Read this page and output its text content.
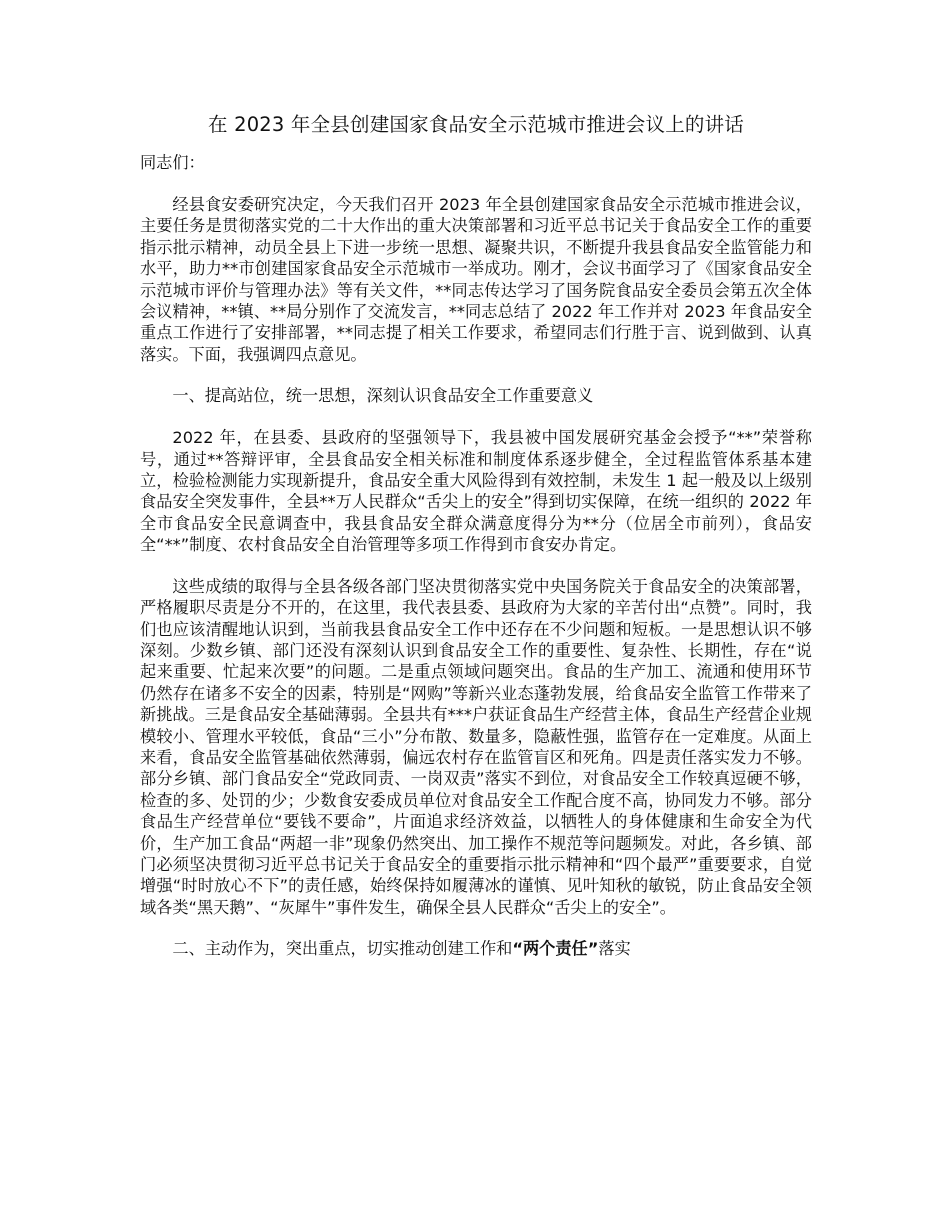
在 2023 年全县创建国家食品安全示范城市推进会议上的讲话
同志们：

经县食安委研究决定，今天我们召开 2023 年全县创建国家食品安全示范城市推进会议，主要任务是贯彻落实党的二十大作出的重大决策部署和习近平总书记关于食品安全工作的重要指示批示精神，动员全县上下进一步统一思想、凝聚共识，不断提升我县食品安全监管能力和水平，助力**市创建国家食品安全示范城市一举成功。刚才，会议书面学习了《国家食品安全示范城市评价与管理办法》等有关文件，**同志传达学习了国务院食品安全委员会第五次全体会议精神，**镇、**局分别作了交流发言，**同志总结了 2022 年工作并对 2023 年食品安全重点工作进行了安排部署，**同志提了相关工作要求，希望同志们行胜于言、说到做到、认真落实。下面，我强调四点意见。

一、提高站位，统一思想，深刻认识食品安全工作重要意义

2022 年，在县委、县政府的坚强领导下，我县被中国发展研究基金会授予“**”荣誉称号，通过**答辩评审，全县食品安全相关标准和制度体系逐步健全，全过程监管体系基本建立，检验检测能力实现新提升，食品安全重大风险得到有效控制，未发生 1 起一般及以上级别食品安全突发事件，全县**万人民群众“舌尖上的安全”得到切实保障，在统一组织的 2022 年全市食品安全民意调查中，我县食品安全群众满意度得分为**分（位居全市前列），食品安全“**”制度、农村食品安全自治管理等多项工作得到市食安办肯定。

这些成绩的取得与全县各级各部门坚决贯彻落实党中央国务院关于食品安全的决策部署，严格履职尽责是分不开的，在这里，我代表县委、县政府为大家的辛苦付出“点赞”。同时，我们也应该清醒地认识到，当前我县食品安全工作中还存在不少问题和短板。一是思想认识不够深刻。少数乡镇、部门还没有深刻认识到食品安全工作的重要性、复杂性、长期性，存在“说起来重要、忙起来次要”的问题。二是重点领域问题突出。食品的生产加工、流通和使用环节仍然存在诸多不安全的因素，特别是“网购”等新兴业态蓬勃发展，给食品安全监管工作带来了新挑战。三是食品安全基础薄弱。全县共有***户获证食品生产经营主体，食品生产经营企业规模较小、管理水平较低，食品“三小”分布散、数量多，隐蔽性强，监管存在一定难度。从面上来看，食品安全监管基础依然薄弱，偏远农村存在监管盲区和死角。四是责任落实发力不够。部分乡镇、部门食品安全“党政同责、一岗双责”落实不到位，对食品安全工作较真逗硬不够，检查的多、处罚的少；少数食安委成员单位对食品安全工作配合度不高，协同发力不够。部分食品生产经营单位“要钱不要命”，片面追求经济效益，以牺牲人的身体健康和生命安全为代价，生产加工食品“两超一非”现象仍然突出、加工操作不规范等问题频发。对此，各乡镇、部门必须坚决贯彻习近平总书记关于食品安全的重要指示批示精神和“四个最严”重要要求，自觉增强“时时放心不下”的责任感，始终保持如履薄冰的谨慎、见叶知秋的敏锐，防止食品安全领域各类“黑天鹅”、“灰犀牛”事件发生，确保全县人民群众“舌尖上的安全”。

二、主动作为，突出重点，切实推动创建工作和“两个责任”落实
